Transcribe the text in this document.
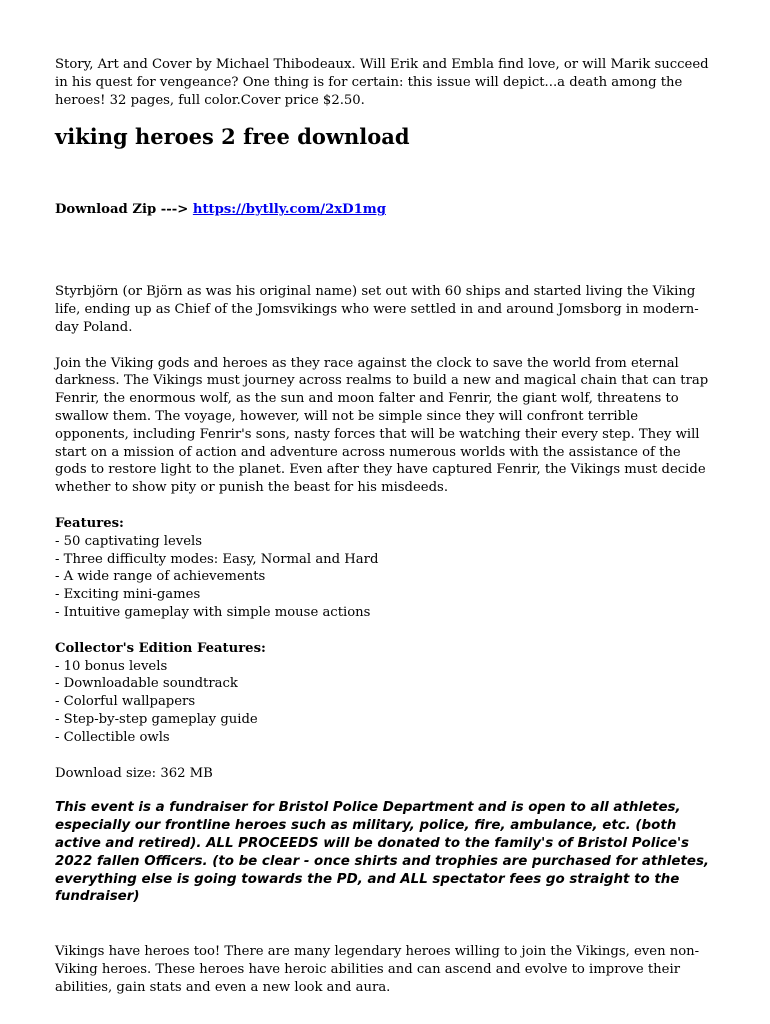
Story, Art and Cover by Michael Thibodeaux. Will Erik and Embla find love, or will Marik succeed in his quest for vengeance? One thing is for certain: this issue will depict...a death among the heroes! 32 pages, full color.Cover price $2.50.

viking heroes 2 free download

Download Zip ---> https://bytlly.com/2xD1mg

Styrbjörn (or Björn as was his original name) set out with 60 ships and started living the Viking life, ending up as Chief of the Jomsvikings who were settled in and around Jomsborg in modern-day Poland.

Join the Viking gods and heroes as they race against the clock to save the world from eternal darkness. The Vikings must journey across realms to build a new and magical chain that can trap Fenrir, the enormous wolf, as the sun and moon falter and Fenrir, the giant wolf, threatens to swallow them. The voyage, however, will not be simple since they will confront terrible opponents, including Fenrir's sons, nasty forces that will be watching their every step. They will start on a mission of action and adventure across numerous worlds with the assistance of the gods to restore light to the planet. Even after they have captured Fenrir, the Vikings must decide whether to show pity or punish the beast for his misdeeds.

Features:

- 50 captivating levels
- Three difficulty modes: Easy, Normal and Hard
- A wide range of achievements
- Exciting mini-games
- Intuitive gameplay with simple mouse actions

Collector's Edition Features:

- 10 bonus levels
- Downloadable soundtrack
- Colorful wallpapers
- Step-by-step gameplay guide
- Collectible owls

Download size: 362 MB

This event is a fundraiser for Bristol Police Department and is open to all athletes, especially our frontline heroes such as military, police, fire, ambulance, etc. (both active and retired). ALL PROCEEDS will be donated to the family's of Bristol Police's 2022 fallen Officers. (to be clear - once shirts and trophies are purchased for athletes, everything else is going towards the PD, and ALL spectator fees go straight to the fundraiser)

Vikings have heroes too! There are many legendary heroes willing to join the Vikings, even non-Viking heroes. These heroes have heroic abilities and can ascend and evolve to improve their abilities, gain stats and even a new look and aura.
